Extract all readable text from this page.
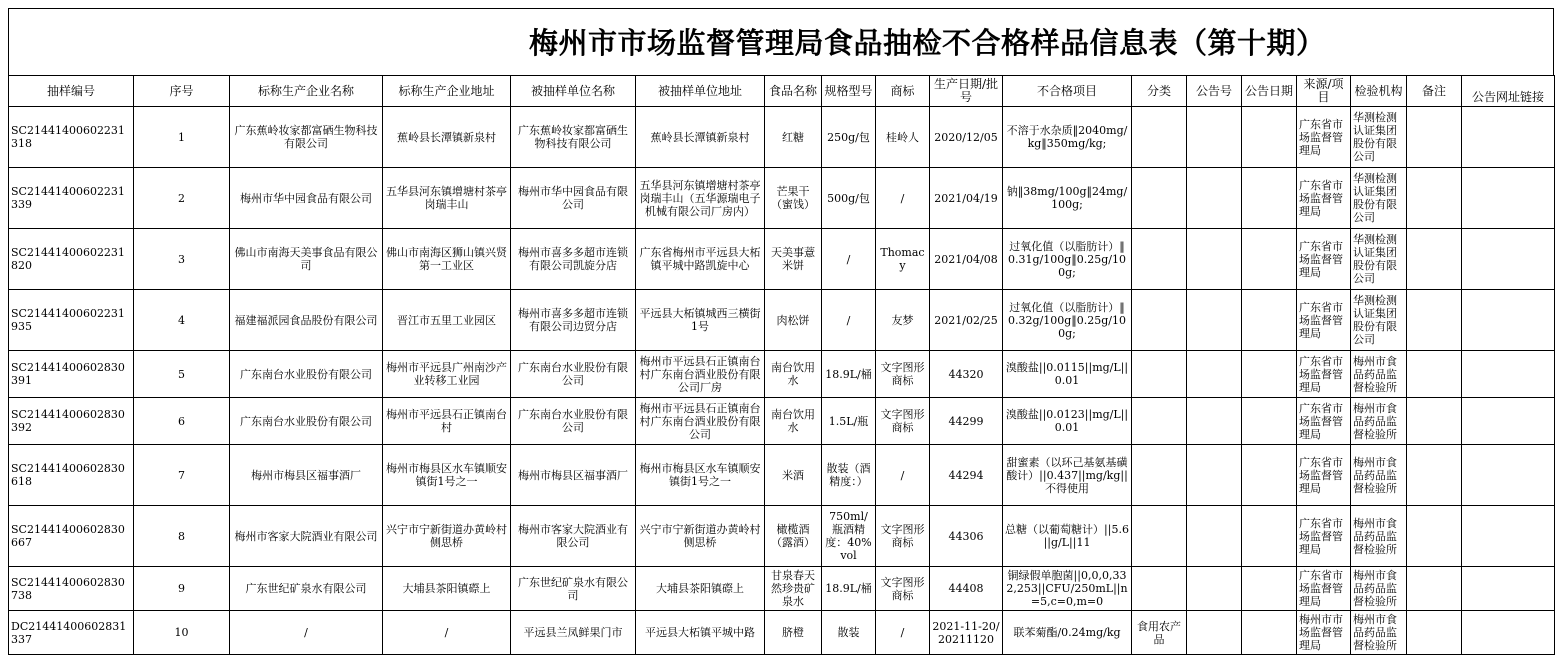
梅州市市场监督管理局食品抽检不合格样品信息表（第十期）
抽样编号	序号	标称生产企业名称	标称生产企业地址	被抽样单位名称	被抽样单位地址	食品名称	规格型号	商标	生产日期/批号	不合格项目	分类	公告号	公告日期	来源/项目	检验机构	备注	公告网址链接
SC21441400602231318	1	广东蕉岭妆家都富硒生物科技有限公司	蕉岭县长潭镇新泉村	广东蕉岭妆家都富硒生物科技有限公司	蕉岭县长潭镇新泉村	红糖	250g/包	桂岭人	2020/12/05	不溶于水杂质‖2040mg/kg‖350mg/kg;				广东省市场监督管理局	华测检测认证集团股份有限公司		
SC21441400602231339	2	梅州市华中园食品有限公司	五华县河东镇增塘村茶亭岗瑞丰山	梅州市华中园食品有限公司	五华县河东镇增塘村茶亭岗瑞丰山（五华源瑞电子机械有限公司厂房内）	芒果干（蜜饯）	500g/包	/	2021/04/19	钠‖38mg/100g‖24mg/100g;				广东省市场监督管理局	华测检测认证集团股份有限公司		
SC21441400602231820	3	佛山市南海天美事食品有限公司	佛山市南海区狮山镇兴贤第一工业区	梅州市喜多多超市连锁有限公司凯旋分店	广东省梅州市平远县大柘镇平城中路凯旋中心	天美事薏米饼	/	Thomacy	2021/04/08	过氧化值（以脂肪计）‖0.31g/100g‖0.25g/100g;				广东省市场监督管理局	华测检测认证集团股份有限公司		
SC21441400602231935	4	福建福派园食品股份有限公司	晋江市五里工业园区	梅州市喜多多超市连锁有限公司边贸分店	平远县大柘镇城西三横街1号	肉松饼	/	友梦	2021/02/25	过氧化值（以脂肪计）‖0.32g/100g‖0.25g/100g;				广东省市场监督管理局	华测检测认证集团股份有限公司		
SC21441400602830391	5	广东南台水业股份有限公司	梅州市平远县广州南沙产业转移工业园	广东南台水业股份有限公司	梅州市平远县石正镇南台村广东南台酒业股份有限公司厂房	南台饮用水	18.9L/桶	文字图形商标	44320	溴酸盐||0.0115||mg/L||0.01				广东省市场监督管理局	梅州市食品药品监督检验所		
SC21441400602830392	6	广东南台水业股份有限公司	梅州市平远县石正镇南台村	广东南台水业股份有限公司	梅州市平远县石正镇南台村广东南台酒业股份有限公司	南台饮用水	1.5L/瓶	文字图形商标	44299	溴酸盐||0.0123||mg/L||0.01				广东省市场监督管理局	梅州市食品药品监督检验所		
SC21441400602830618	7	梅州市梅县区福事酒厂	梅州市梅县区水车镇顺安镇街1号之一	梅州市梅县区福事酒厂	梅州市梅县区水车镇顺安镇街1号之一	米酒	散装（酒精度：）	/	44294	甜蜜素（以环己基氨基磺酸计）||0.437||mg/kg||不得使用				广东省市场监督管理局	梅州市食品药品监督检验所		
SC21441400602830667	8	梅州市客家大院酒业有限公司	兴宁市宁新街道办黄岭村侧思桥	梅州市客家大院酒业有限公司	兴宁市宁新街道办黄岭村侧思桥	橄榄酒（露酒）	750ml/瓶酒精度：40%vol	文字图形商标	44306	总糖（以葡萄糖计）||5.6||g/L||11				广东省市场监督管理局	梅州市食品药品监督检验所		
SC21441400602830738	9	广东世纪矿泉水有限公司	大埔县茶阳镇磜上	广东世纪矿泉水有限公司	大埔县茶阳镇磜上	甘泉春天然珍贵矿泉水	18.9L/桶	文字图形商标	44408	铜绿假单胞菌||0,0,0,332,253||CFU/250mL||n=5,c=0,m=0				广东省市场监督管理局	梅州市食品药品监督检验所		
DC21441400602831337	10	/	/	平远县兰凤鲜果门市	平远县大柘镇平城中路	脐橙	散装	/	2021-11-20/20211120	联苯菊酯/0.24mg/kg	食用农产品			梅州市市场监督管理局	梅州市食品药品监督检验所		
